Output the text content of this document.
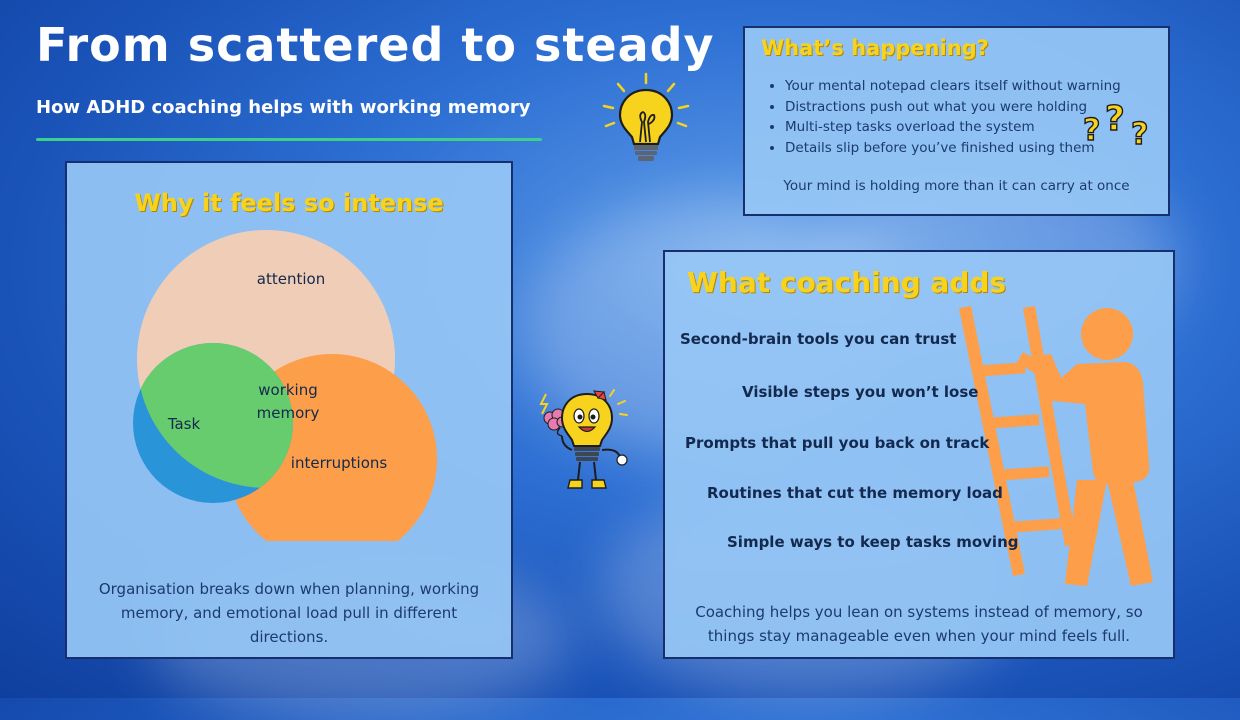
From scattered to steady
How ADHD coaching helps with working memory
Why it feels so intense
attention
Task
interruptions
working
memory
Organisation breaks down when planning, working memory, and emotional load pull in different directions.
What’s happening?
• Your mental notepad clears itself without warning
• Distractions push out what you were holding
• Multi-step tasks overload the system
• Details slip before you’ve finished using them
Your mind is holding more than it can carry at once
? ? ?
What coaching adds
Second-brain tools you can trust
Visible steps you won’t lose
Prompts that pull you back on track
Routines that cut the memory load
Simple ways to keep tasks moving
Coaching helps you lean on systems instead of memory, so things stay manageable even when your mind feels full.
